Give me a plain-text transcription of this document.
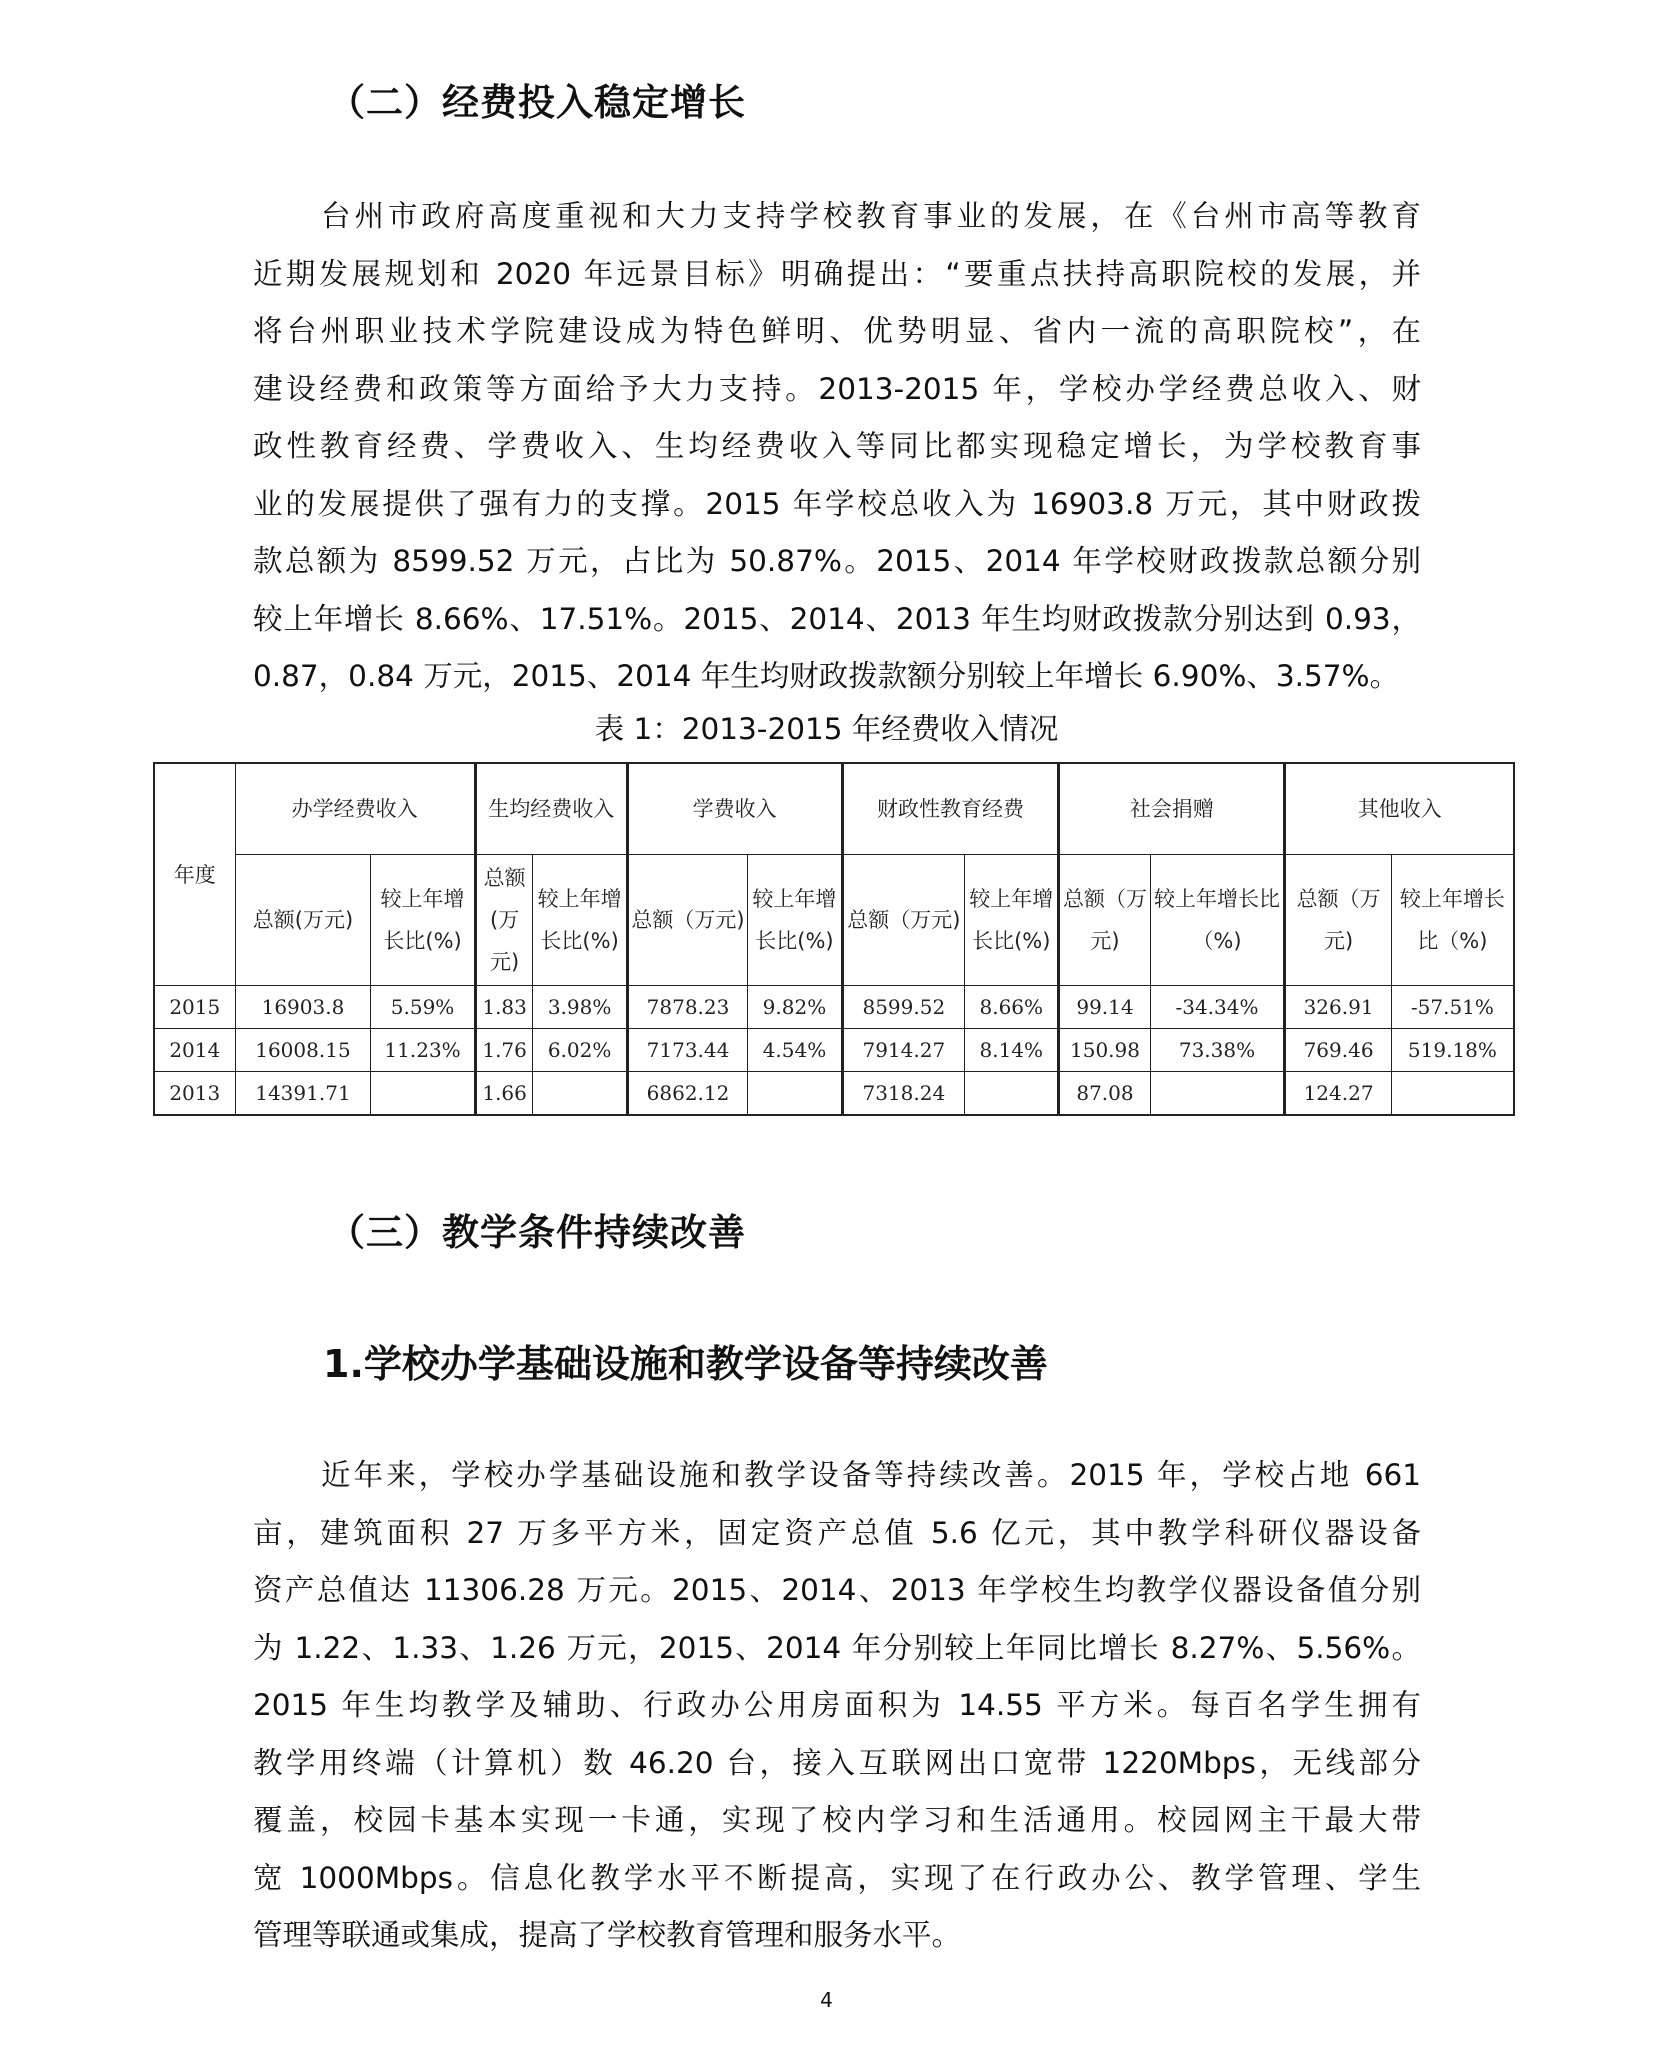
（二）经费投入稳定增长
台州市政府高度重视和大力支持学校教育事业的发展，在《台州市高等教育
近期发展规划和 2020 年远景目标》明确提出：“要重点扶持高职院校的发展，并
将台州职业技术学院建设成为特色鲜明、优势明显、省内一流的高职院校”，在
建设经费和政策等方面给予大力支持。2013-2015 年，学校办学经费总收入、财
政性教育经费、学费收入、生均经费收入等同比都实现稳定增长，为学校教育事
业的发展提供了强有力的支撑。2015 年学校总收入为 16903.8 万元，其中财政拨
款总额为 8599.52 万元，占比为 50.87%。2015、2014 年学校财政拨款总额分别
较上年增长 8.66%、17.51%。2015、2014、2013 年生均财政拨款分别达到 0.93，
0.87，0.84 万元，2015、2014 年生均财政拨款额分别较上年增长 6.90%、3.57%。

表 1：2013-2015 年经费收入情况

年度	办学经费收入		生均经费收入		学费收入		财政性教育经费		社会捐赠		其他收入	
	总额(万元)	较上年增长比(%)	总额(万元)	较上年增长比(%)	总额（万元)	较上年增长比(%)	总额（万元)	较上年增长比(%)	总额（万元)	较上年增长比（%)	总额（万元)	较上年增长比（%)
2015	16903.8	5.59%	1.83	3.98%	7878.23	9.82%	8599.52	8.66%	99.14	-34.34%	326.91	-57.51%
2014	16008.15	11.23%	1.76	6.02%	7173.44	4.54%	7914.27	8.14%	150.98	73.38%	769.46	519.18%
2013	14391.71		1.66		6862.12		7318.24		87.08		124.27	
（三）教学条件持续改善
1.学校办学基础设施和教学设备等持续改善
近年来，学校办学基础设施和教学设备等持续改善。2015 年，学校占地 661
亩，建筑面积 27 万多平方米，固定资产总值 5.6 亿元，其中教学科研仪器设备
资产总值达 11306.28 万元。2015、2014、2013 年学校生均教学仪器设备值分别
为 1.22、1.33、1.26 万元，2015、2014 年分别较上年同比增长 8.27%、5.56%。
2015 年生均教学及辅助、行政办公用房面积为 14.55 平方米。每百名学生拥有
教学用终端（计算机）数 46.20 台，接入互联网出口宽带 1220Mbps，无线部分
覆盖，校园卡基本实现一卡通，实现了校内学习和生活通用。校园网主干最大带
宽 1000Mbps。信息化教学水平不断提高，实现了在行政办公、教学管理、学生
管理等联通或集成，提高了学校教育管理和服务水平。
4
